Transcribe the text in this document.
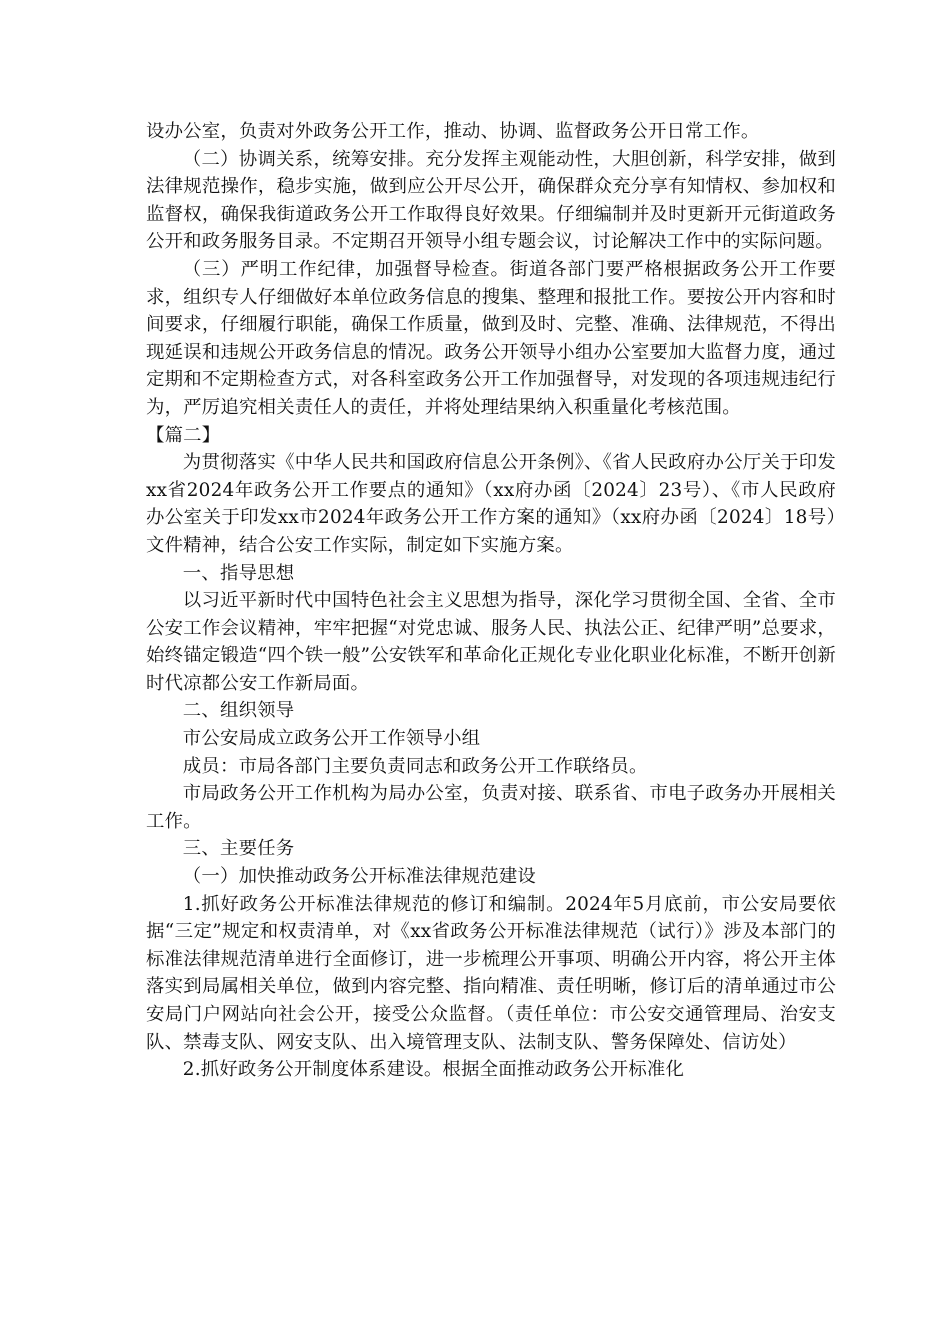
设办公室，负责对外政务公开工作，推动、协调、监督政务公开日常工作。

（二）协调关系，统筹安排。充分发挥主观能动性，大胆创新，科学安排，做到法律规范操作，稳步实施，做到应公开尽公开，确保群众充分享有知情权、参加权和监督权，确保我街道政务公开工作取得良好效果。仔细编制并及时更新开元街道政务公开和政务服务目录。不定期召开领导小组专题会议，讨论解决工作中的实际问题。

（三）严明工作纪律，加强督导检查。街道各部门要严格根据政务公开工作要求，组织专人仔细做好本单位政务信息的搜集、整理和报批工作。要按公开内容和时间要求，仔细履行职能，确保工作质量，做到及时、完整、准确、法律规范，不得出现延误和违规公开政务信息的情况。政务公开领导小组办公室要加大监督力度，通过定期和不定期检查方式，对各科室政务公开工作加强督导，对发现的各项违规违纪行为，严厉追究相关责任人的责任，并将处理结果纳入积重量化考核范围。

【篇二】

为贯彻落实《中华人民共和国政府信息公开条例》、《省人民政府办公厅关于印发xx省2024年政务公开工作要点的通知》（xx府办函〔2024〕23号）、《市人民政府办公室关于印发xx市2024年政务公开工作方案的通知》（xx府办函〔2024〕18号）文件精神，结合公安工作实际，制定如下实施方案。

一、指导思想

以习近平新时代中国特色社会主义思想为指导，深化学习贯彻全国、全省、全市公安工作会议精神，牢牢把握“对党忠诚、服务人民、执法公正、纪律严明”总要求，始终锚定锻造“四个铁一般”公安铁军和革命化正规化专业化职业化标准，不断开创新时代凉都公安工作新局面。

二、组织领导

市公安局成立政务公开工作领导小组

成员：市局各部门主要负责同志和政务公开工作联络员。

市局政务公开工作机构为局办公室，负责对接、联系省、市电子政务办开展相关工作。

三、主要任务

（一）加快推动政务公开标准法律规范建设

1.抓好政务公开标准法律规范的修订和编制。2024年5月底前，市公安局要依据“三定”规定和权责清单，对《xx省政务公开标准法律规范（试行）》涉及本部门的标准法律规范清单进行全面修订，进一步梳理公开事项、明确公开内容，将公开主体落实到局属相关单位，做到内容完整、指向精准、责任明晰，修订后的清单通过市公安局门户网站向社会公开，接受公众监督。（责任单位：市公安交通管理局、治安支队、禁毒支队、网安支队、出入境管理支队、法制支队、警务保障处、信访处）

2.抓好政务公开制度体系建设。根据全面推动政务公开标准化
